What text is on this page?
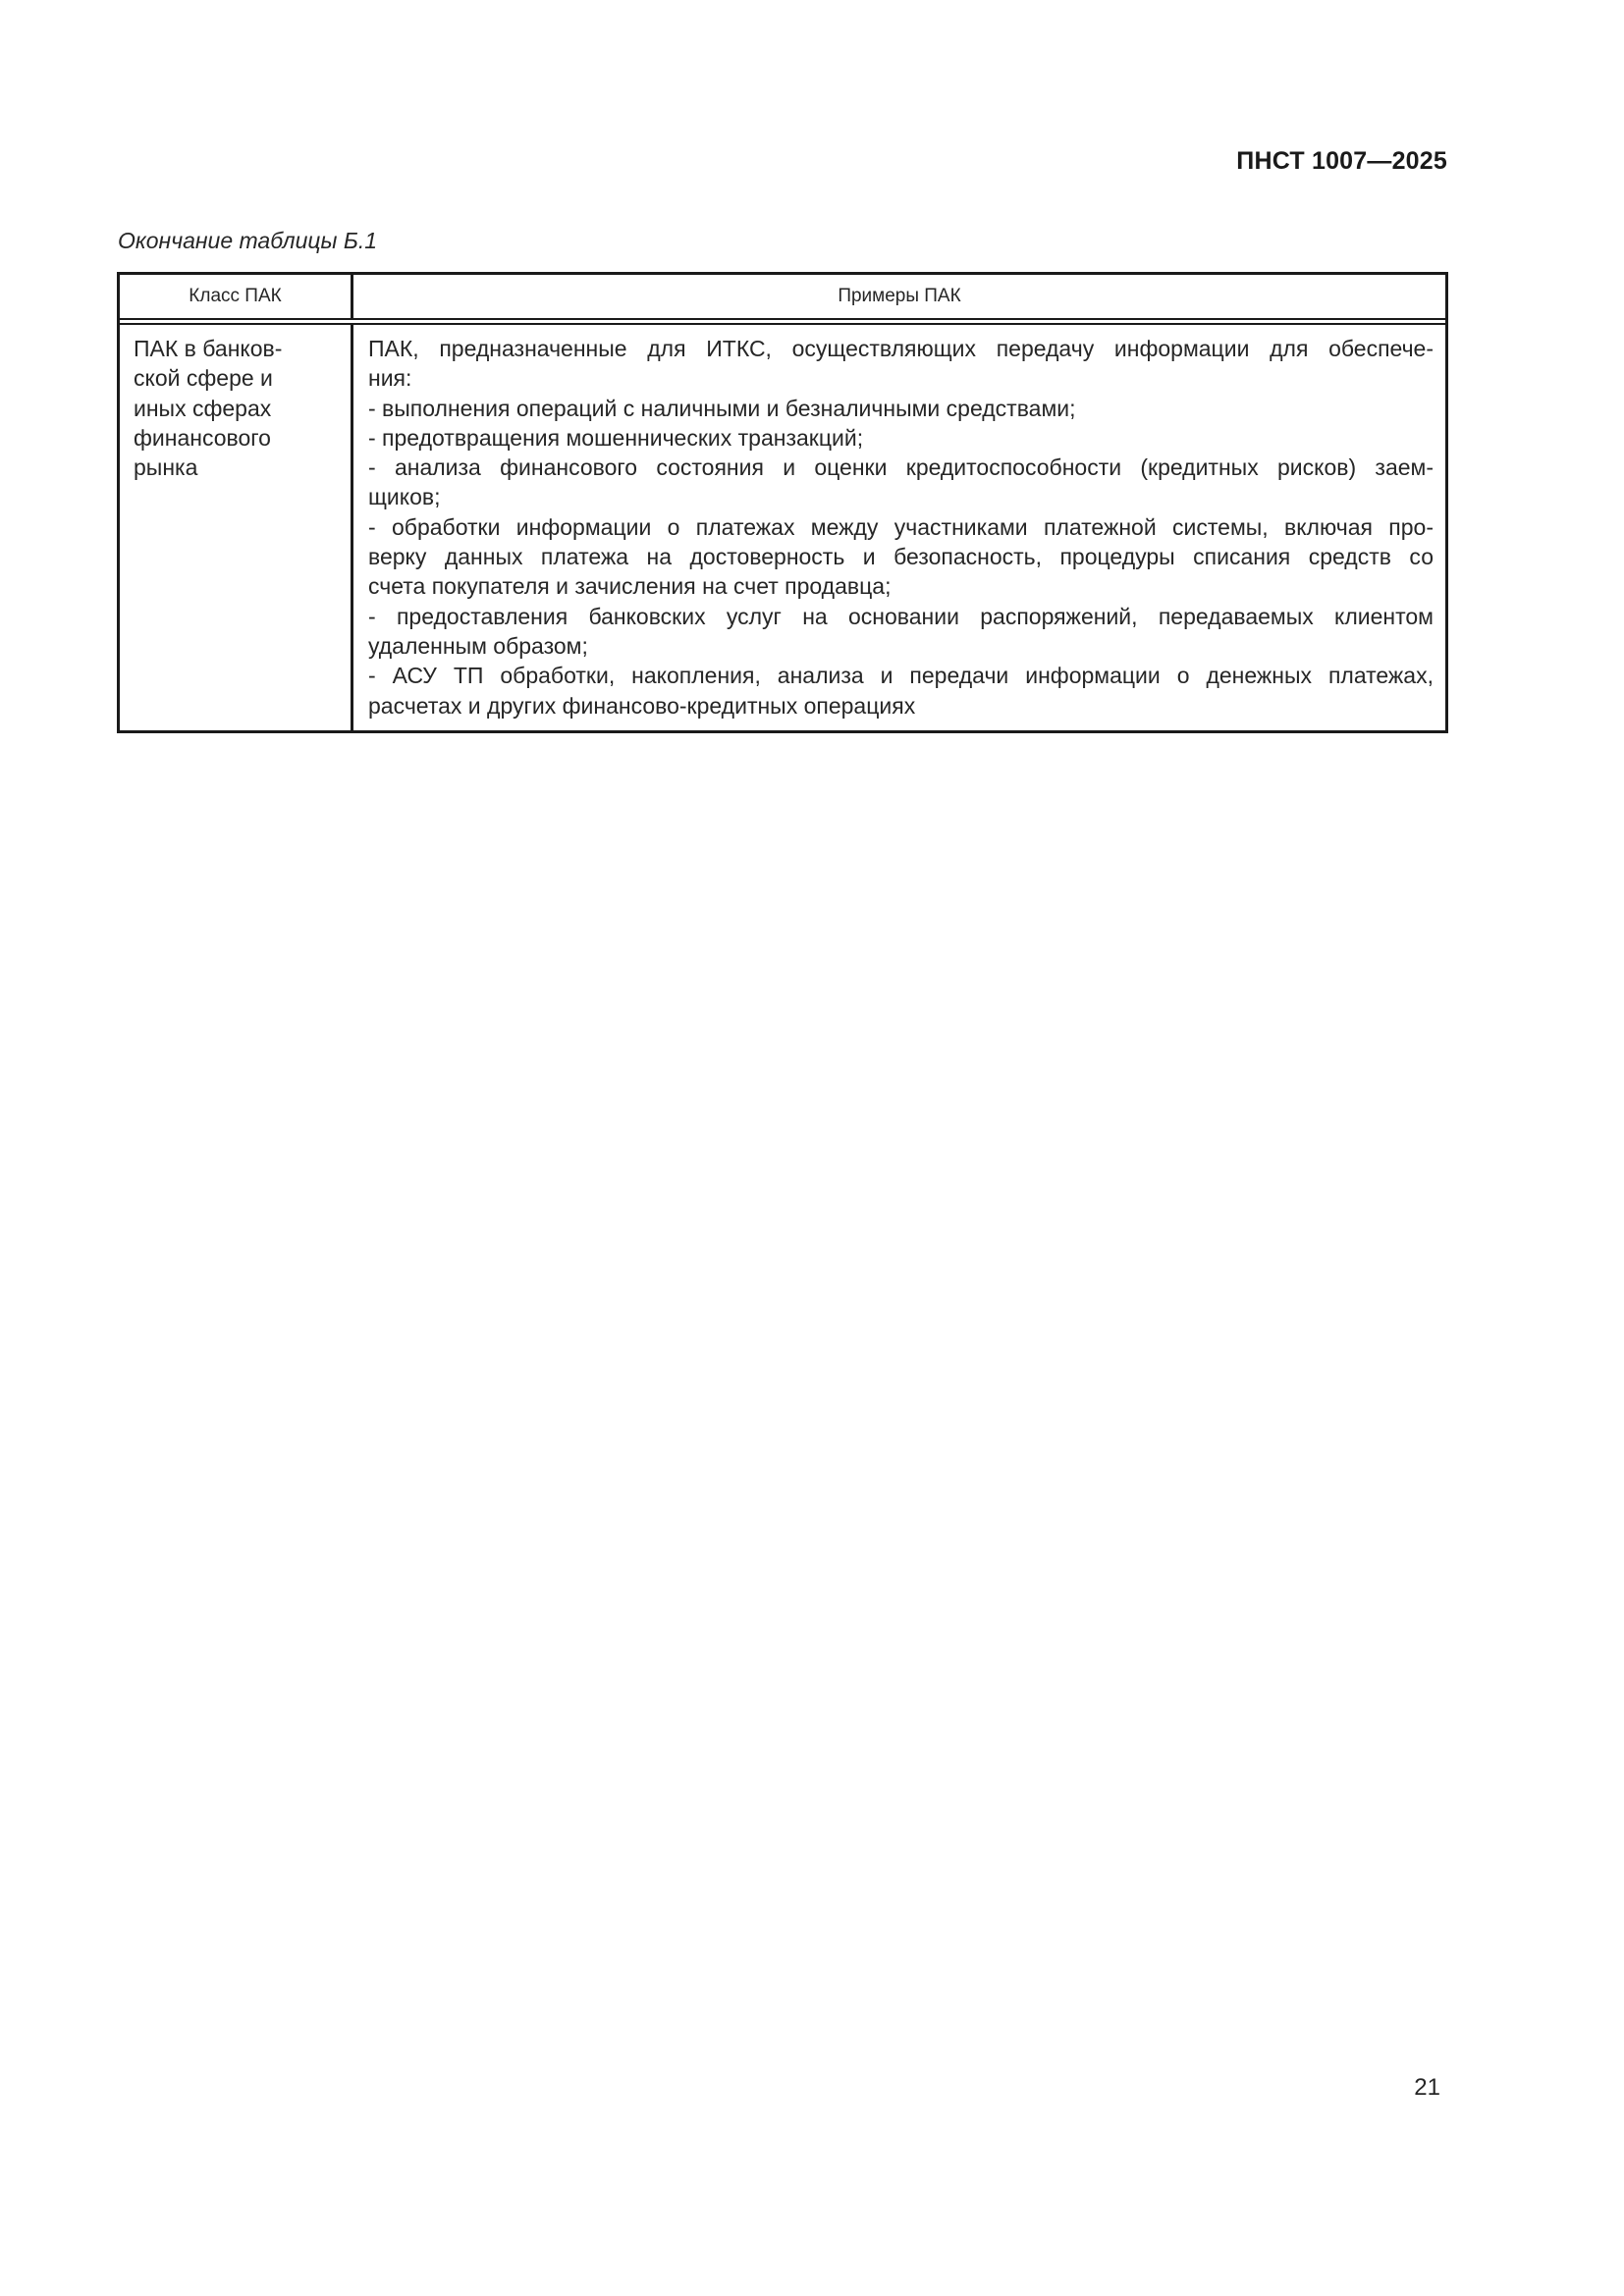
ПНСТ 1007—2025
Окончание таблицы Б.1
Класс ПАК	Примеры ПАК
ПАК в банков-
ской сфере и
иных сферах
финансового
рынка
ПАК, предназначенные для ИТКС, осуществляющих передачу информации для обеспече-
ния:
- выполнения операций с наличными и безналичными средствами;
- предотвращения мошеннических транзакций;
- анализа финансового состояния и оценки кредитоспособности (кредитных рисков) заем-
щиков;
- обработки информации о платежах между участниками платежной системы, включая про-
верку данных платежа на достоверность и безопасность, процедуры списания средств со
счета покупателя и зачисления на счет продавца;
- предоставления банковских услуг на основании распоряжений, передаваемых клиентом
удаленным образом;
- АСУ ТП обработки, накопления, анализа и передачи информации о денежных платежах,
расчетах и других финансово-кредитных операциях
21
